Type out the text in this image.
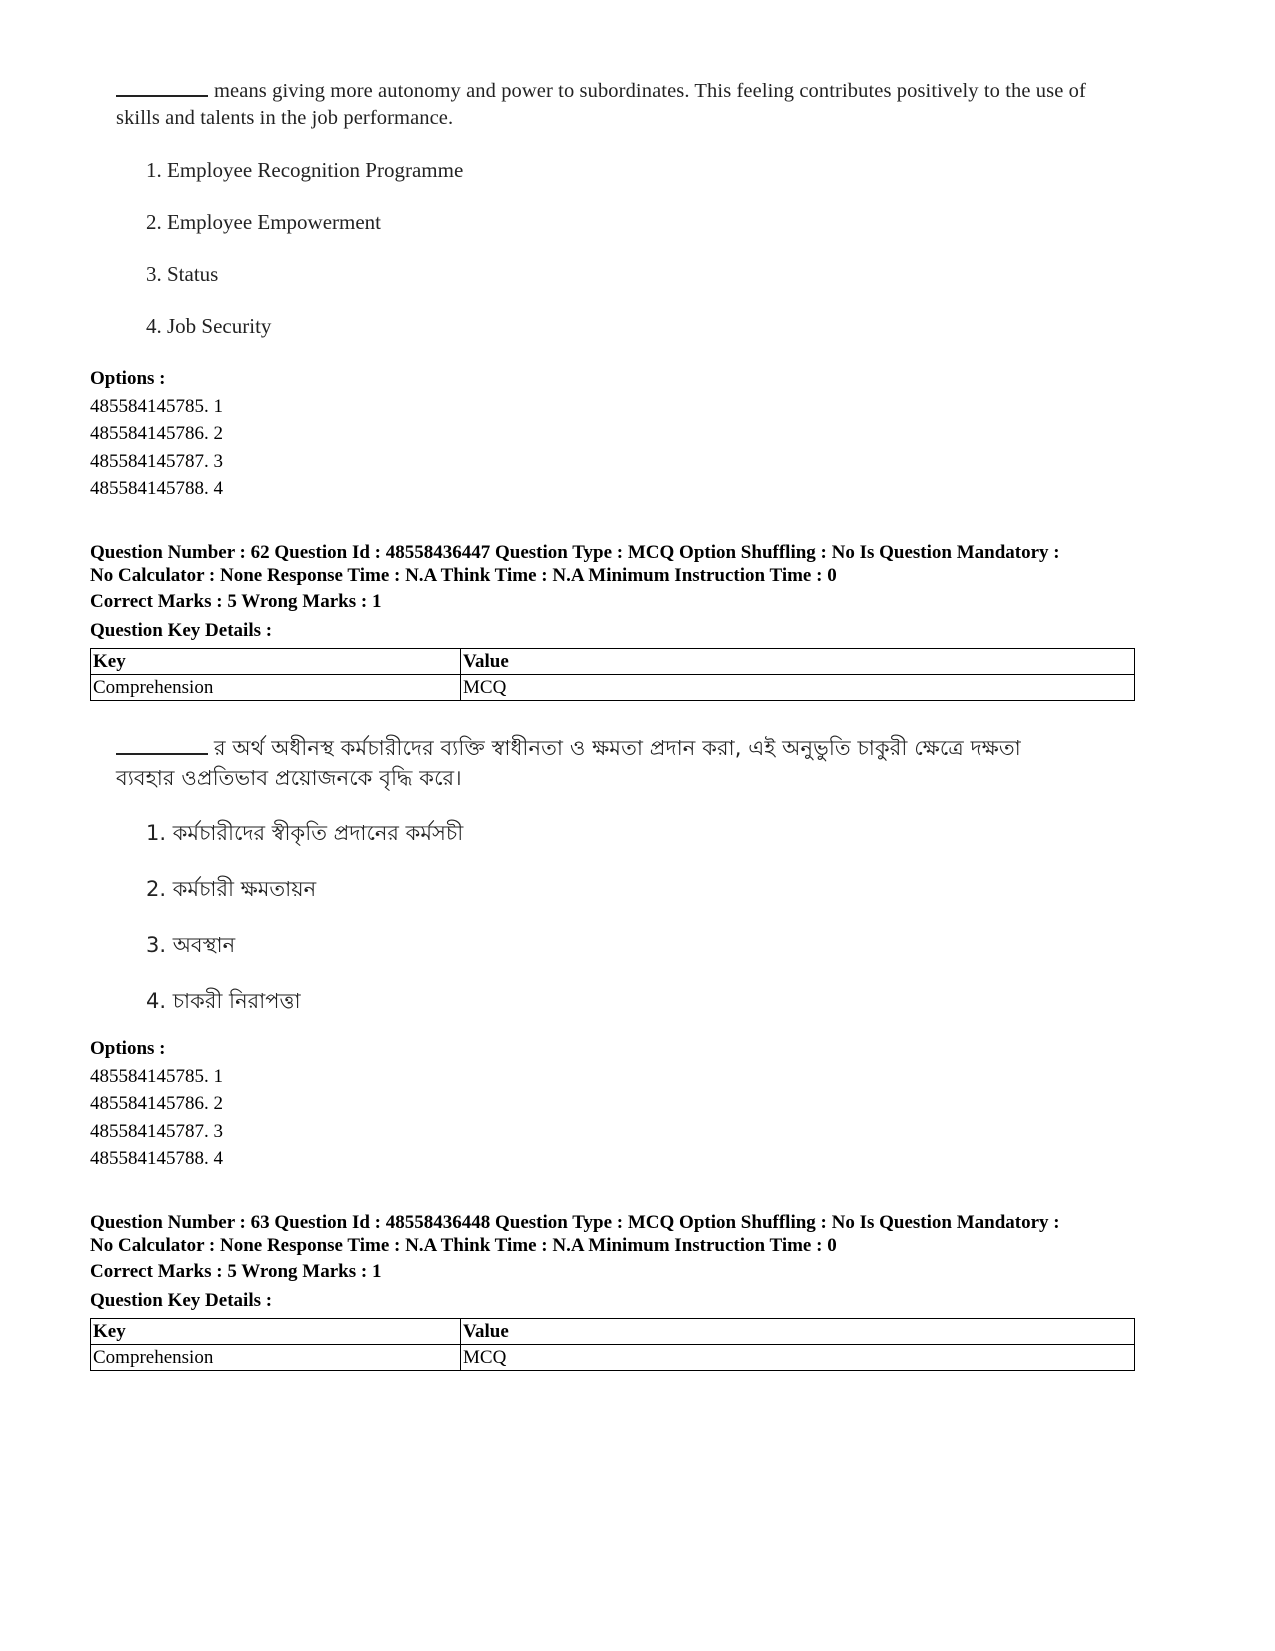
means giving more autonomy and power to subordinates. This feeling contributes positively to the use of skills and talents in the job performance.
1. Employee Recognition Programme
2. Employee Empowerment
3. Status
4. Job Security
Options :
485584145785. 1
485584145786. 2
485584145787. 3
485584145788. 4
Question Number : 62 Question Id : 48558436447 Question Type : MCQ Option Shuffling : No Is Question Mandatory :
No Calculator : None Response Time : N.A Think Time : N.A Minimum Instruction Time : 0
Correct Marks : 5 Wrong Marks : 1
Question Key Details :
Key	Value
Comprehension	MCQ
র অর্থ অধীনস্থ কর্মচারীদের ব্যক্তি স্বাধীনতা ও ক্ষমতা প্রদান করা, এই অনুভুতি চাকুরী ক্ষেত্রে দক্ষতা
ব্যবহার ওপ্রতিভাব প্রয়োজনকে বৃদ্ধি করে।
1. কর্মচারীদের স্বীকৃতি প্রদানের কর্মসচী
2. কর্মচারী ক্ষমতায়ন
3. অবস্থান
4. চাকরী নিরাপত্তা
Options :
485584145785. 1
485584145786. 2
485584145787. 3
485584145788. 4
Question Number : 63 Question Id : 48558436448 Question Type : MCQ Option Shuffling : No Is Question Mandatory :
No Calculator : None Response Time : N.A Think Time : N.A Minimum Instruction Time : 0
Correct Marks : 5 Wrong Marks : 1
Question Key Details :
Key	Value
Comprehension	MCQ
